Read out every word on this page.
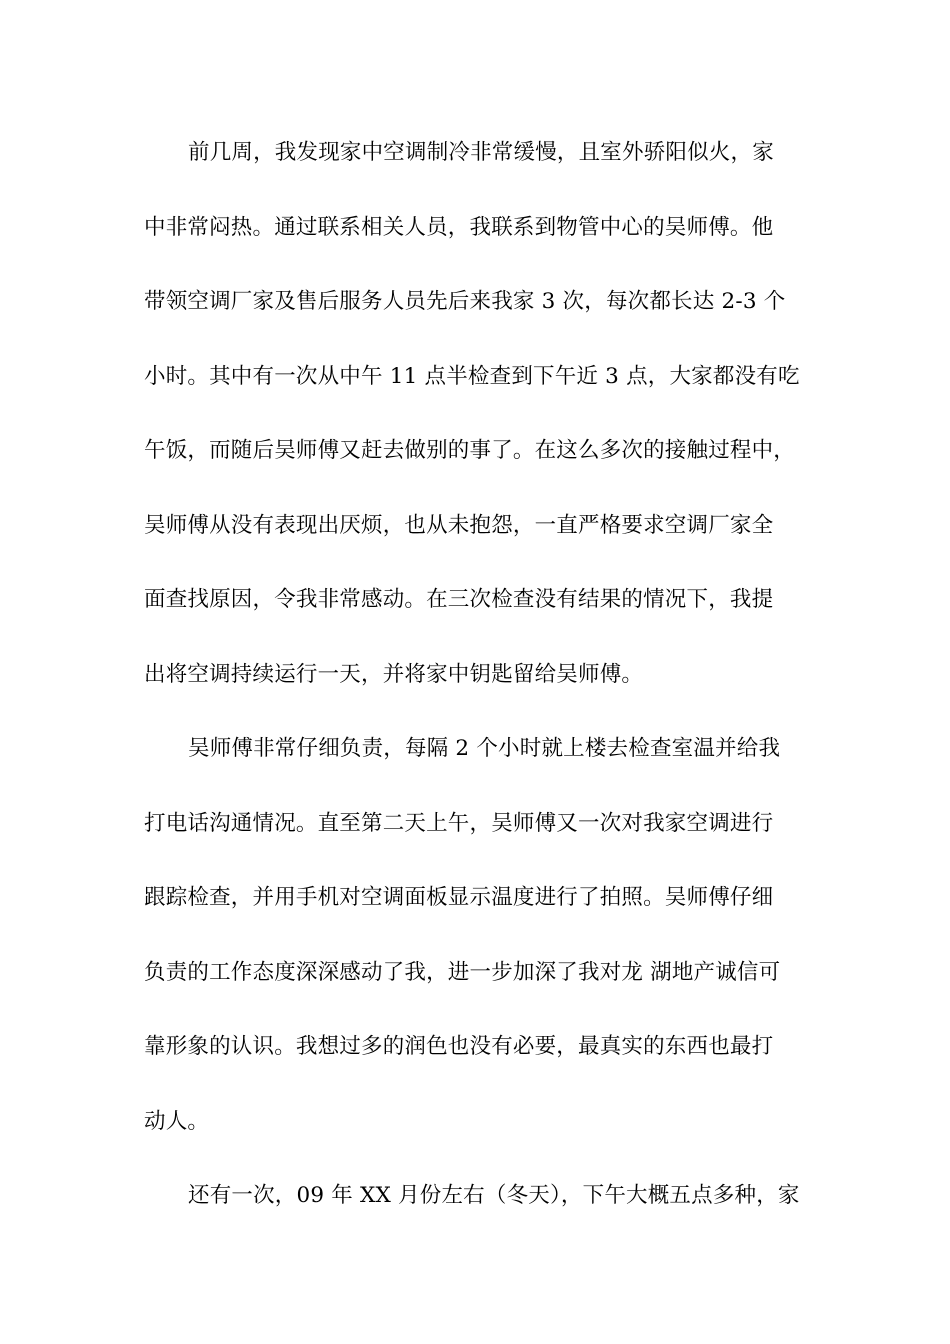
前几周，我发现家中空调制冷非常缓慢，且室外骄阳似火，家
中非常闷热。通过联系相关人员，我联系到物管中心的吴师傅。他
带领空调厂家及售后服务人员先后来我家 3 次，每次都长达 2-3 个
小时。其中有一次从中午 11 点半检查到下午近 3 点，大家都没有吃
午饭，而随后吴师傅又赶去做别的事了。在这么多次的接触过程中，
吴师傅从没有表现出厌烦，也从未抱怨，一直严格要求空调厂家全
面查找原因，令我非常感动。在三次检查没有结果的情况下，我提
出将空调持续运行一天，并将家中钥匙留给吴师傅。
吴师傅非常仔细负责，每隔 2 个小时就上楼去检查室温并给我
打电话沟通情况。直至第二天上午，吴师傅又一次对我家空调进行
跟踪检查，并用手机对空调面板显示温度进行了拍照。吴师傅仔细
负责的工作态度深深感动了我，进一步加深了我对龙 湖地产诚信可
靠形象的认识。我想过多的润色也没有必要，最真实的东西也最打
动人。
还有一次，09 年 XX 月份左右（冬天），下午大概五点多种，家
